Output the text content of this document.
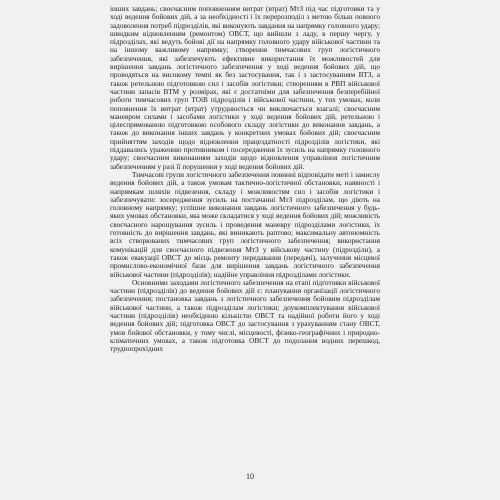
інших завдань; своєчасним поповненням витрат (втрат) МтЗ під час підготовки та у ході ведення бойових дій, а за необхідності і їх перерозподіл з метою більш повного задоволення потреб підрозділів, які виконують завдання на напрямку головного удару; швидким відновленням (ремонтом) ОВСТ, що вийшли з ладу, в першу чергу, у підрозділах, які ведуть бойові дії на напрямку головного удару військової частини та на іншому важливому напрямку; створення тимчасових груп логістичного забезпечення, які забезпечують ефективне використання їх можливостей для вирішення завдань логістичного забезпечення у ході ведення бойових дій, що проводяться на високому темпі як без застосування, так і з застосуванням ВТЗ, а також ретельною підготовкою сил і засобів логістики; створенням в РВП військової частини запасів ВТМ у розмірах, які є достатніми для забезпечення безперебійної роботи тимчасових груп ТОіВ підрозділів і військової частини, у тих умовах, коли поповнення їх витрат (втрат) утруднюється чи виключається взагалі; своєчасним маневром силами і засобами логістики у ході ведення бойових дій, ретельною і цілеспрямованою підготовкою особового складу логістики до виконання завдань, а також до виконання інших завдань у конкретних умовах бойових дій; своєчасним прийняттям заходів щодо відновлення працездатності підрозділів логістики, які піддавались ураженню противником і посередження їх зусиль на напрямку головного удару; своєчасним виконанням заходів щодо відновлення управління логістичним забезпеченням у разі її порушення у ході ведення бойових дій.

Тимчасові групи логістичного забезпечення повинні відповідати меті і замислу ведення бойових дій, а також умовам тактично-логістичної обстановки, наявності і напрямкам шляхів підвезення, складу і можливостям сил і засобів логістики і забезпечувати: зосередження зусиль на постачанні МтЗ підрозділам, що діють на головному напрямку; успішне виконання завдань логістичного забезпечення у будь-яких умовах обстановки, яка може складатися у ході ведення бойових дій; можливість своєчасного нарощування зусиль і проведення маневру підрозділами логістики, їх готовність до вирішення завдань, які виникають раптово; максимальну автономність всіх створюваних тимчасових груп логістичного забезпечення; використання комунікацій для своєчасного підвезення МтЗ у військову частину (підрозділи), а також евакуації ОВСТ до місць ремонту передавання (передачі), залучення місцевої промислово-економічної бази для вирішення завдань логістичного забезпечення військової частини (підрозділів); надійне управління підрозділами логістики.

Основними заходами логістичного забезпечення на етапі підготовки військової частини (підрозділів) до ведення бойових дій є: планування організації логістичного забезпечення; постановка завдань з логістичного забезпечення бойовим підрозділам військової частини, а також підрозділам логістики; доукомплектування військової частини (підрозділів) необхідною кількістю ОВСТ та надійної роботи його у ході ведення бойових дій; підготовка ОВСТ до застосування з урахуванням стану ОВСТ, умов бойової обстановки, у тому числі, місцевості, фізико-географічних і природно-кліматичних умовах, а також підготовка ОВСТ до подолання водних перешкод, труднопрохідних

10
